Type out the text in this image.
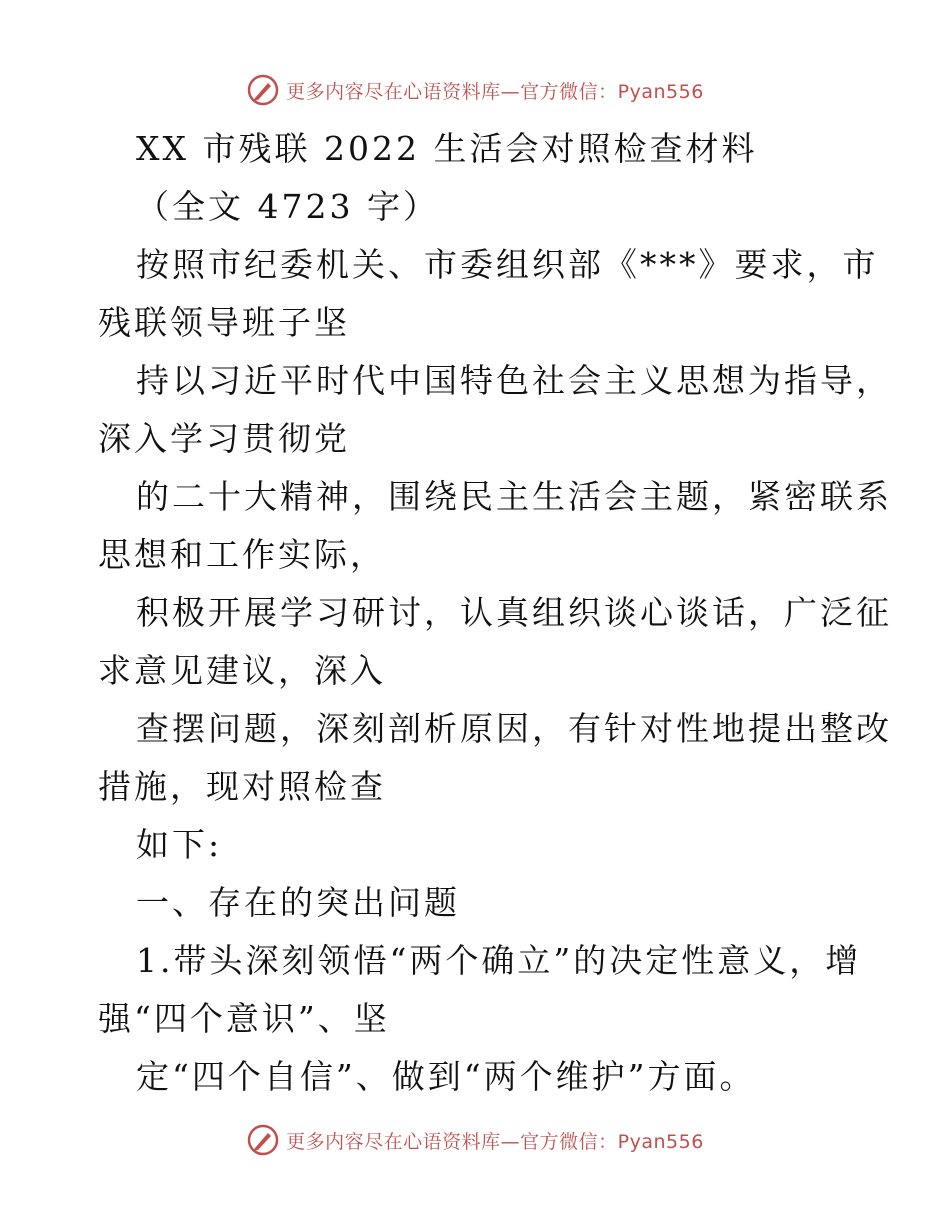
更多内容尽在心语资料库—官方微信：Pyan556
XX 市残联 2022 生活会对照检查材料
（全文 4723 字）
按照市纪委机关、市委组织部《***》要求，市
残联领导班子坚
持以习近平时代中国特色社会主义思想为指导，
深入学习贯彻党
的二十大精神，围绕民主生活会主题，紧密联系
思想和工作实际，
积极开展学习研讨，认真组织谈心谈话，广泛征
求意见建议，深入
查摆问题，深刻剖析原因，有针对性地提出整改
措施，现对照检查
如下:
一、存在的突出问题
1.带头深刻领悟“两个确立”的决定性意义，增
强“四个意识”、坚
定“四个自信”、做到“两个维护”方面。
更多内容尽在心语资料库—官方微信：Pyan556
